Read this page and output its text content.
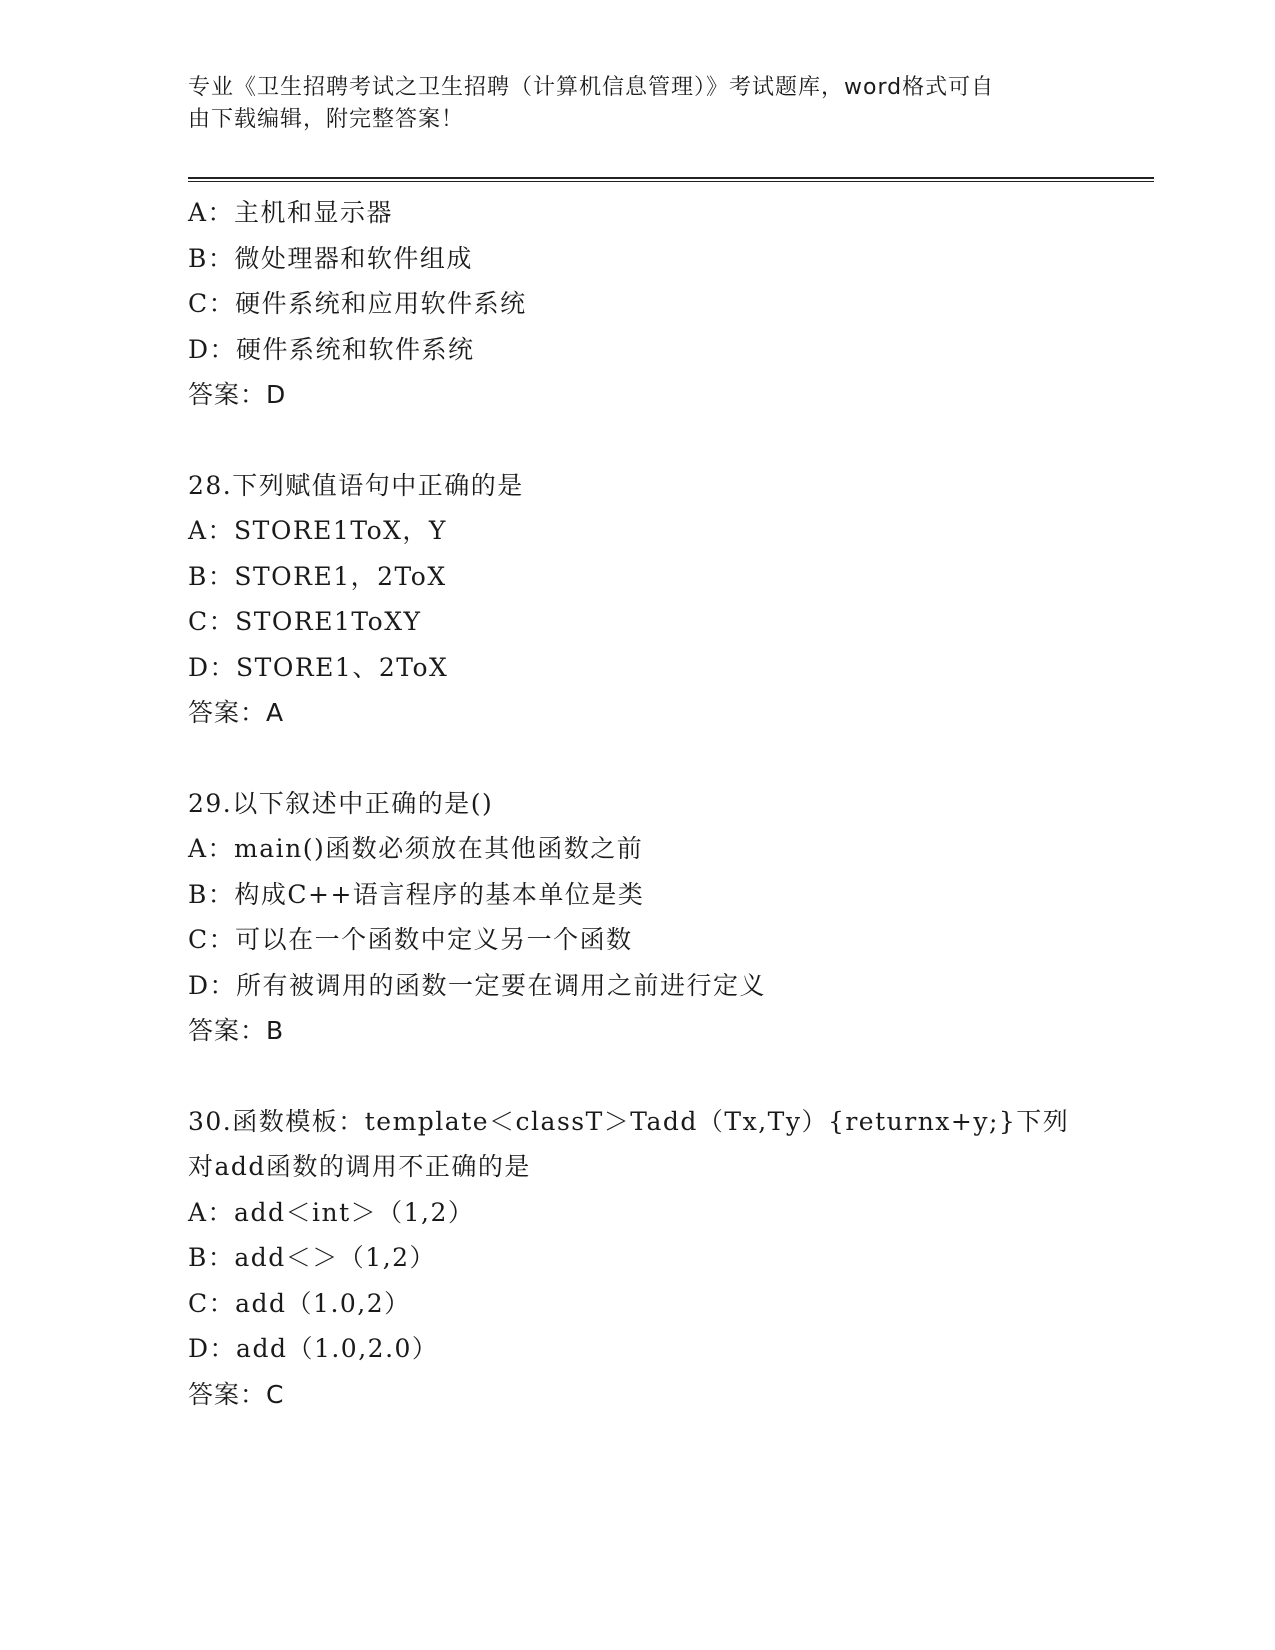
专业《卫生招聘考试之卫生招聘（计算机信息管理）》考试题库，word格式可自
由下载编辑，附完整答案！
A：主机和显示器
B：微处理器和软件组成
C：硬件系统和应用软件系统
D：硬件系统和软件系统
答案：D
28.下列赋值语句中正确的是
A：STORE1ToX，Y
B：STORE1，2ToX
C：STORE1ToXY
D：STORE1、2ToX
答案：A
29.以下叙述中正确的是()
A：main()函数必须放在其他函数之前
B：构成C++语言程序的基本单位是类
C：可以在一个函数中定义另一个函数
D：所有被调用的函数一定要在调用之前进行定义
答案：B
30.函数模板：template＜classT＞Tadd（Tx,Ty）{returnx+y;}下列
对add函数的调用不正确的是
A：add＜int＞（1,2）
B：add＜＞（1,2）
C：add（1.0,2）
D：add（1.0,2.0）
答案：C
